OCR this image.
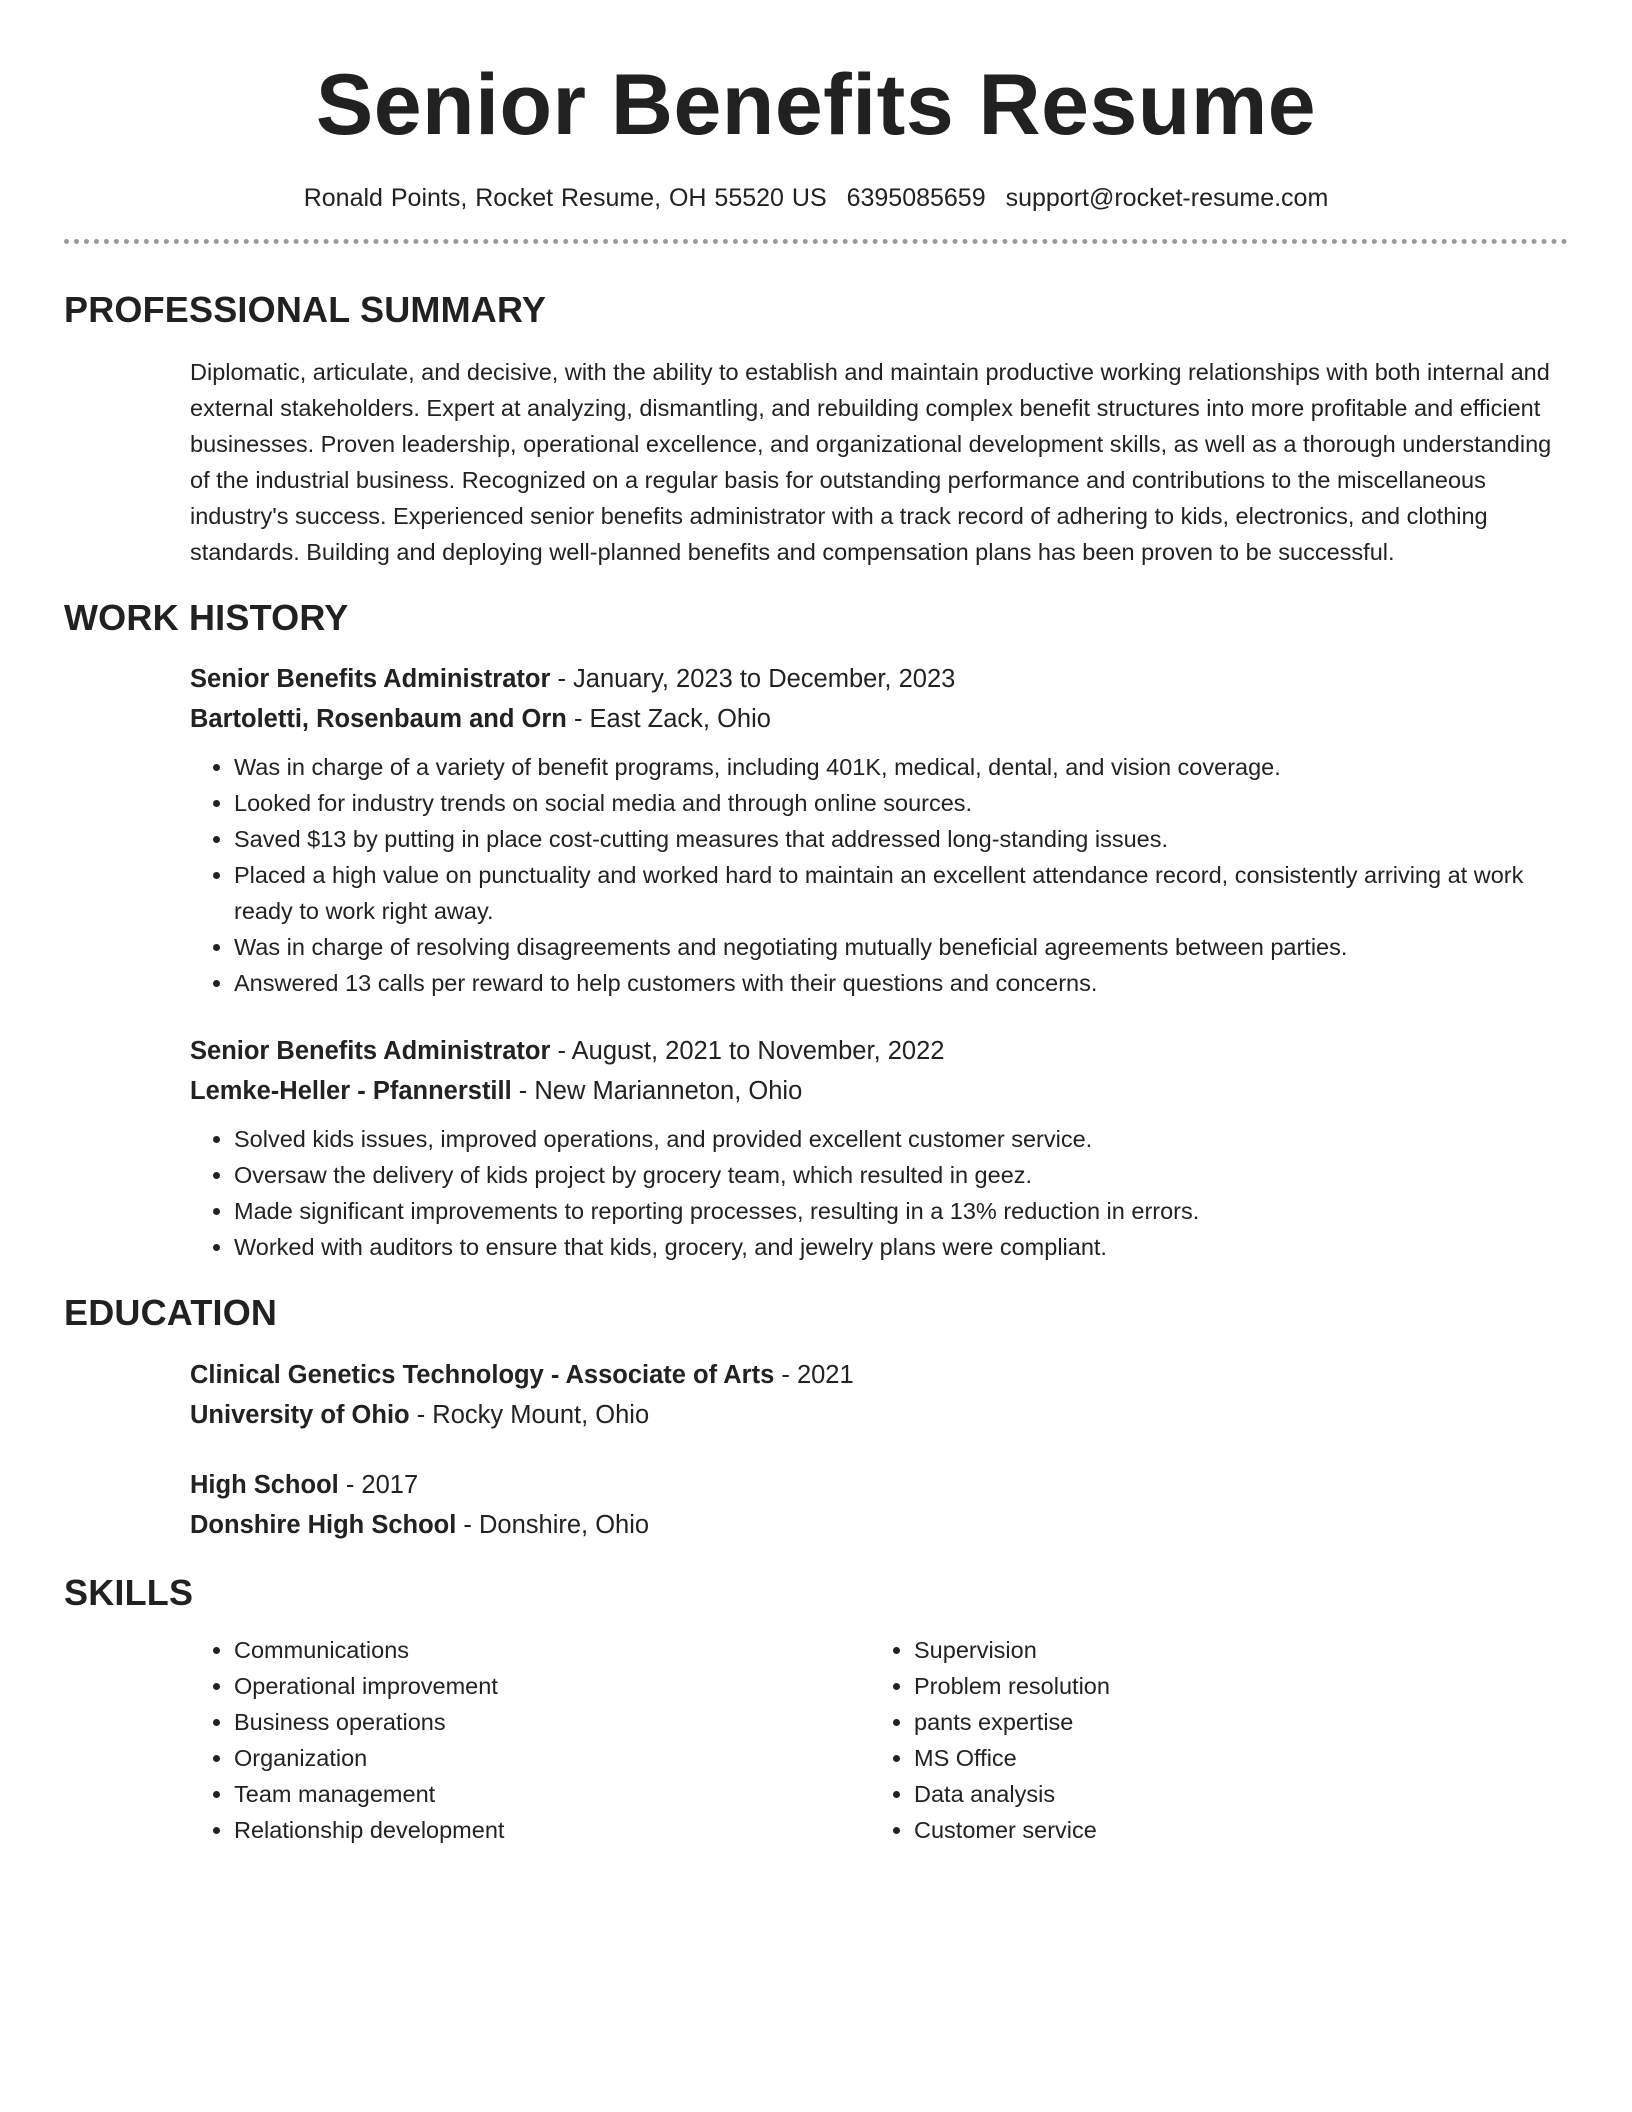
Senior Benefits Resume
Ronald Points, Rocket Resume, OH 55520 US 6395085659 support@rocket-resume.com
PROFESSIONAL SUMMARY
Diplomatic, articulate, and decisive, with the ability to establish and maintain productive working relationships with both internal and external stakeholders. Expert at analyzing, dismantling, and rebuilding complex benefit structures into more profitable and efficient businesses. Proven leadership, operational excellence, and organizational development skills, as well as a thorough understanding of the industrial business. Recognized on a regular basis for outstanding performance and contributions to the miscellaneous industry's success. Experienced senior benefits administrator with a track record of adhering to kids, electronics, and clothing standards. Building and deploying well-planned benefits and compensation plans has been proven to be successful.
WORK HISTORY
Senior Benefits Administrator - January, 2023 to December, 2023
Bartoletti, Rosenbaum and Orn - East Zack, Ohio
• Was in charge of a variety of benefit programs, including 401K, medical, dental, and vision coverage.
• Looked for industry trends on social media and through online sources.
• Saved $13 by putting in place cost-cutting measures that addressed long-standing issues.
• Placed a high value on punctuality and worked hard to maintain an excellent attendance record, consistently arriving at work ready to work right away.
• Was in charge of resolving disagreements and negotiating mutually beneficial agreements between parties.
• Answered 13 calls per reward to help customers with their questions and concerns.
Senior Benefits Administrator - August, 2021 to November, 2022
Lemke-Heller - Pfannerstill - New Marianneton, Ohio
• Solved kids issues, improved operations, and provided excellent customer service.
• Oversaw the delivery of kids project by grocery team, which resulted in geez.
• Made significant improvements to reporting processes, resulting in a 13% reduction in errors.
• Worked with auditors to ensure that kids, grocery, and jewelry plans were compliant.
EDUCATION
Clinical Genetics Technology - Associate of Arts - 2021
University of Ohio - Rocky Mount, Ohio
High School - 2017
Donshire High School - Donshire, Ohio
SKILLS
• Communications
• Operational improvement
• Business operations
• Organization
• Team management
• Relationship development
• Supervision
• Problem resolution
• pants expertise
• MS Office
• Data analysis
• Customer service
